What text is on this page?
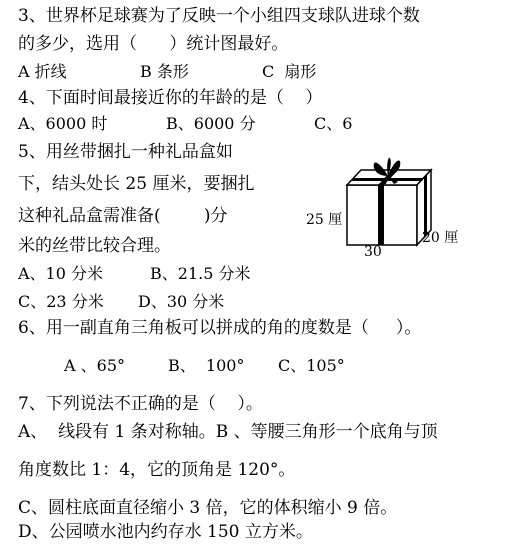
3、世界杯足球赛为了反映一个小组四支球队进球个数
的多少，选用（      ）统计图最好。
A 折线	B 条形	C  扇形
4、下面时间最接近你的年龄的是（    ）
A、6000 时	B、6000 分	C、6
5、用丝带捆扎一种礼品盒如
下，结头处长 25 厘米，要捆扎
这种礼品盒需准备(        )分
米的丝带比较合理。
A、10 分米	B、21.5 分米
C、23 分米 D、30 分米
25 厘
30
20 厘
6、用一副直角三角板可以拼成的角的度数是（     ）。
A 、65°	B、  100° C、105°
7、下列说法不正确的是（    ）。
A、  线段有 1 条对称轴。B 、等腰三角形一个底角与顶
角度数比 1：4，它的顶角是 120°。
C、圆柱底面直径缩小 3 倍，它的体积缩小 9 倍。
D、公园喷水池内约存水 150 立方米。
